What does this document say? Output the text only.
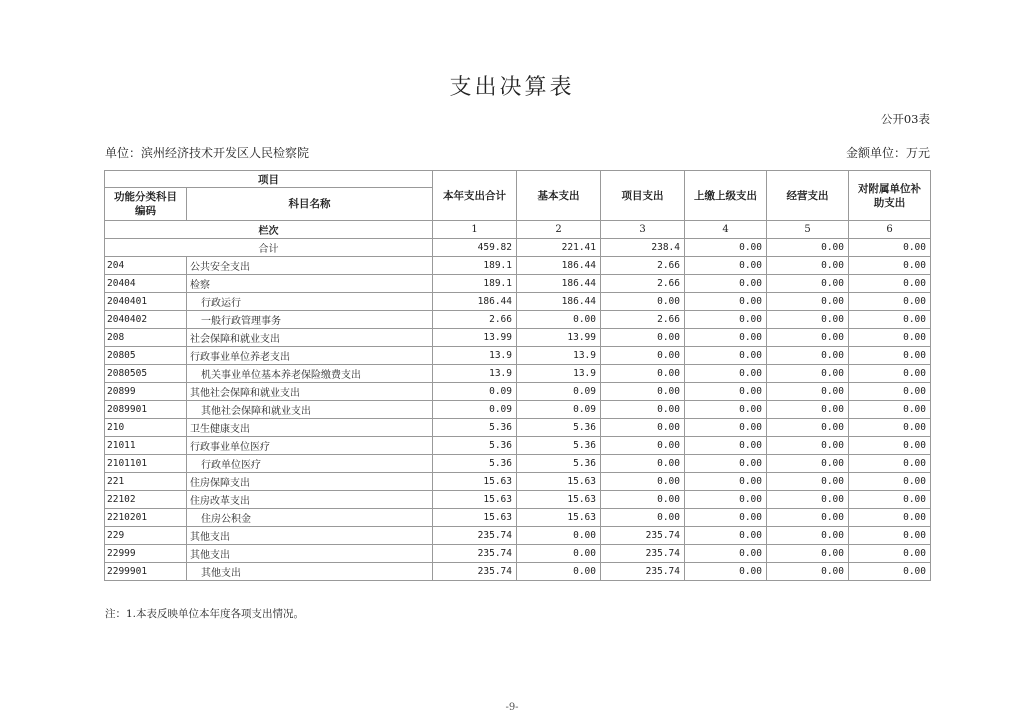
支出决算表
公开03表
单位：滨州经济技术开发区人民检察院	金额单位：万元
项目		本年支出合计	基本支出	项目支出	上缴上级支出	经营支出	对附属单位补助支出
功能分类科目编码	科目名称						
栏次		1	2	3	4	5	6
合计		459.82	221.41	238.4	0.00	0.00	0.00
204	公共安全支出	189.1	186.44	2.66	0.00	0.00	0.00
20404	检察	189.1	186.44	2.66	0.00	0.00	0.00
2040401	行政运行	186.44	186.44	0.00	0.00	0.00	0.00
2040402	一般行政管理事务	2.66	0.00	2.66	0.00	0.00	0.00
208	社会保障和就业支出	13.99	13.99	0.00	0.00	0.00	0.00
20805	行政事业单位养老支出	13.9	13.9	0.00	0.00	0.00	0.00
2080505	机关事业单位基本养老保险缴费支出	13.9	13.9	0.00	0.00	0.00	0.00
20899	其他社会保障和就业支出	0.09	0.09	0.00	0.00	0.00	0.00
2089901	其他社会保障和就业支出	0.09	0.09	0.00	0.00	0.00	0.00
210	卫生健康支出	5.36	5.36	0.00	0.00	0.00	0.00
21011	行政事业单位医疗	5.36	5.36	0.00	0.00	0.00	0.00
2101101	行政单位医疗	5.36	5.36	0.00	0.00	0.00	0.00
221	住房保障支出	15.63	15.63	0.00	0.00	0.00	0.00
22102	住房改革支出	15.63	15.63	0.00	0.00	0.00	0.00
2210201	住房公积金	15.63	15.63	0.00	0.00	0.00	0.00
229	其他支出	235.74	0.00	235.74	0.00	0.00	0.00
22999	其他支出	235.74	0.00	235.74	0.00	0.00	0.00
2299901	其他支出	235.74	0.00	235.74	0.00	0.00	0.00
注：1.本表反映单位本年度各项支出情况。
-9-
